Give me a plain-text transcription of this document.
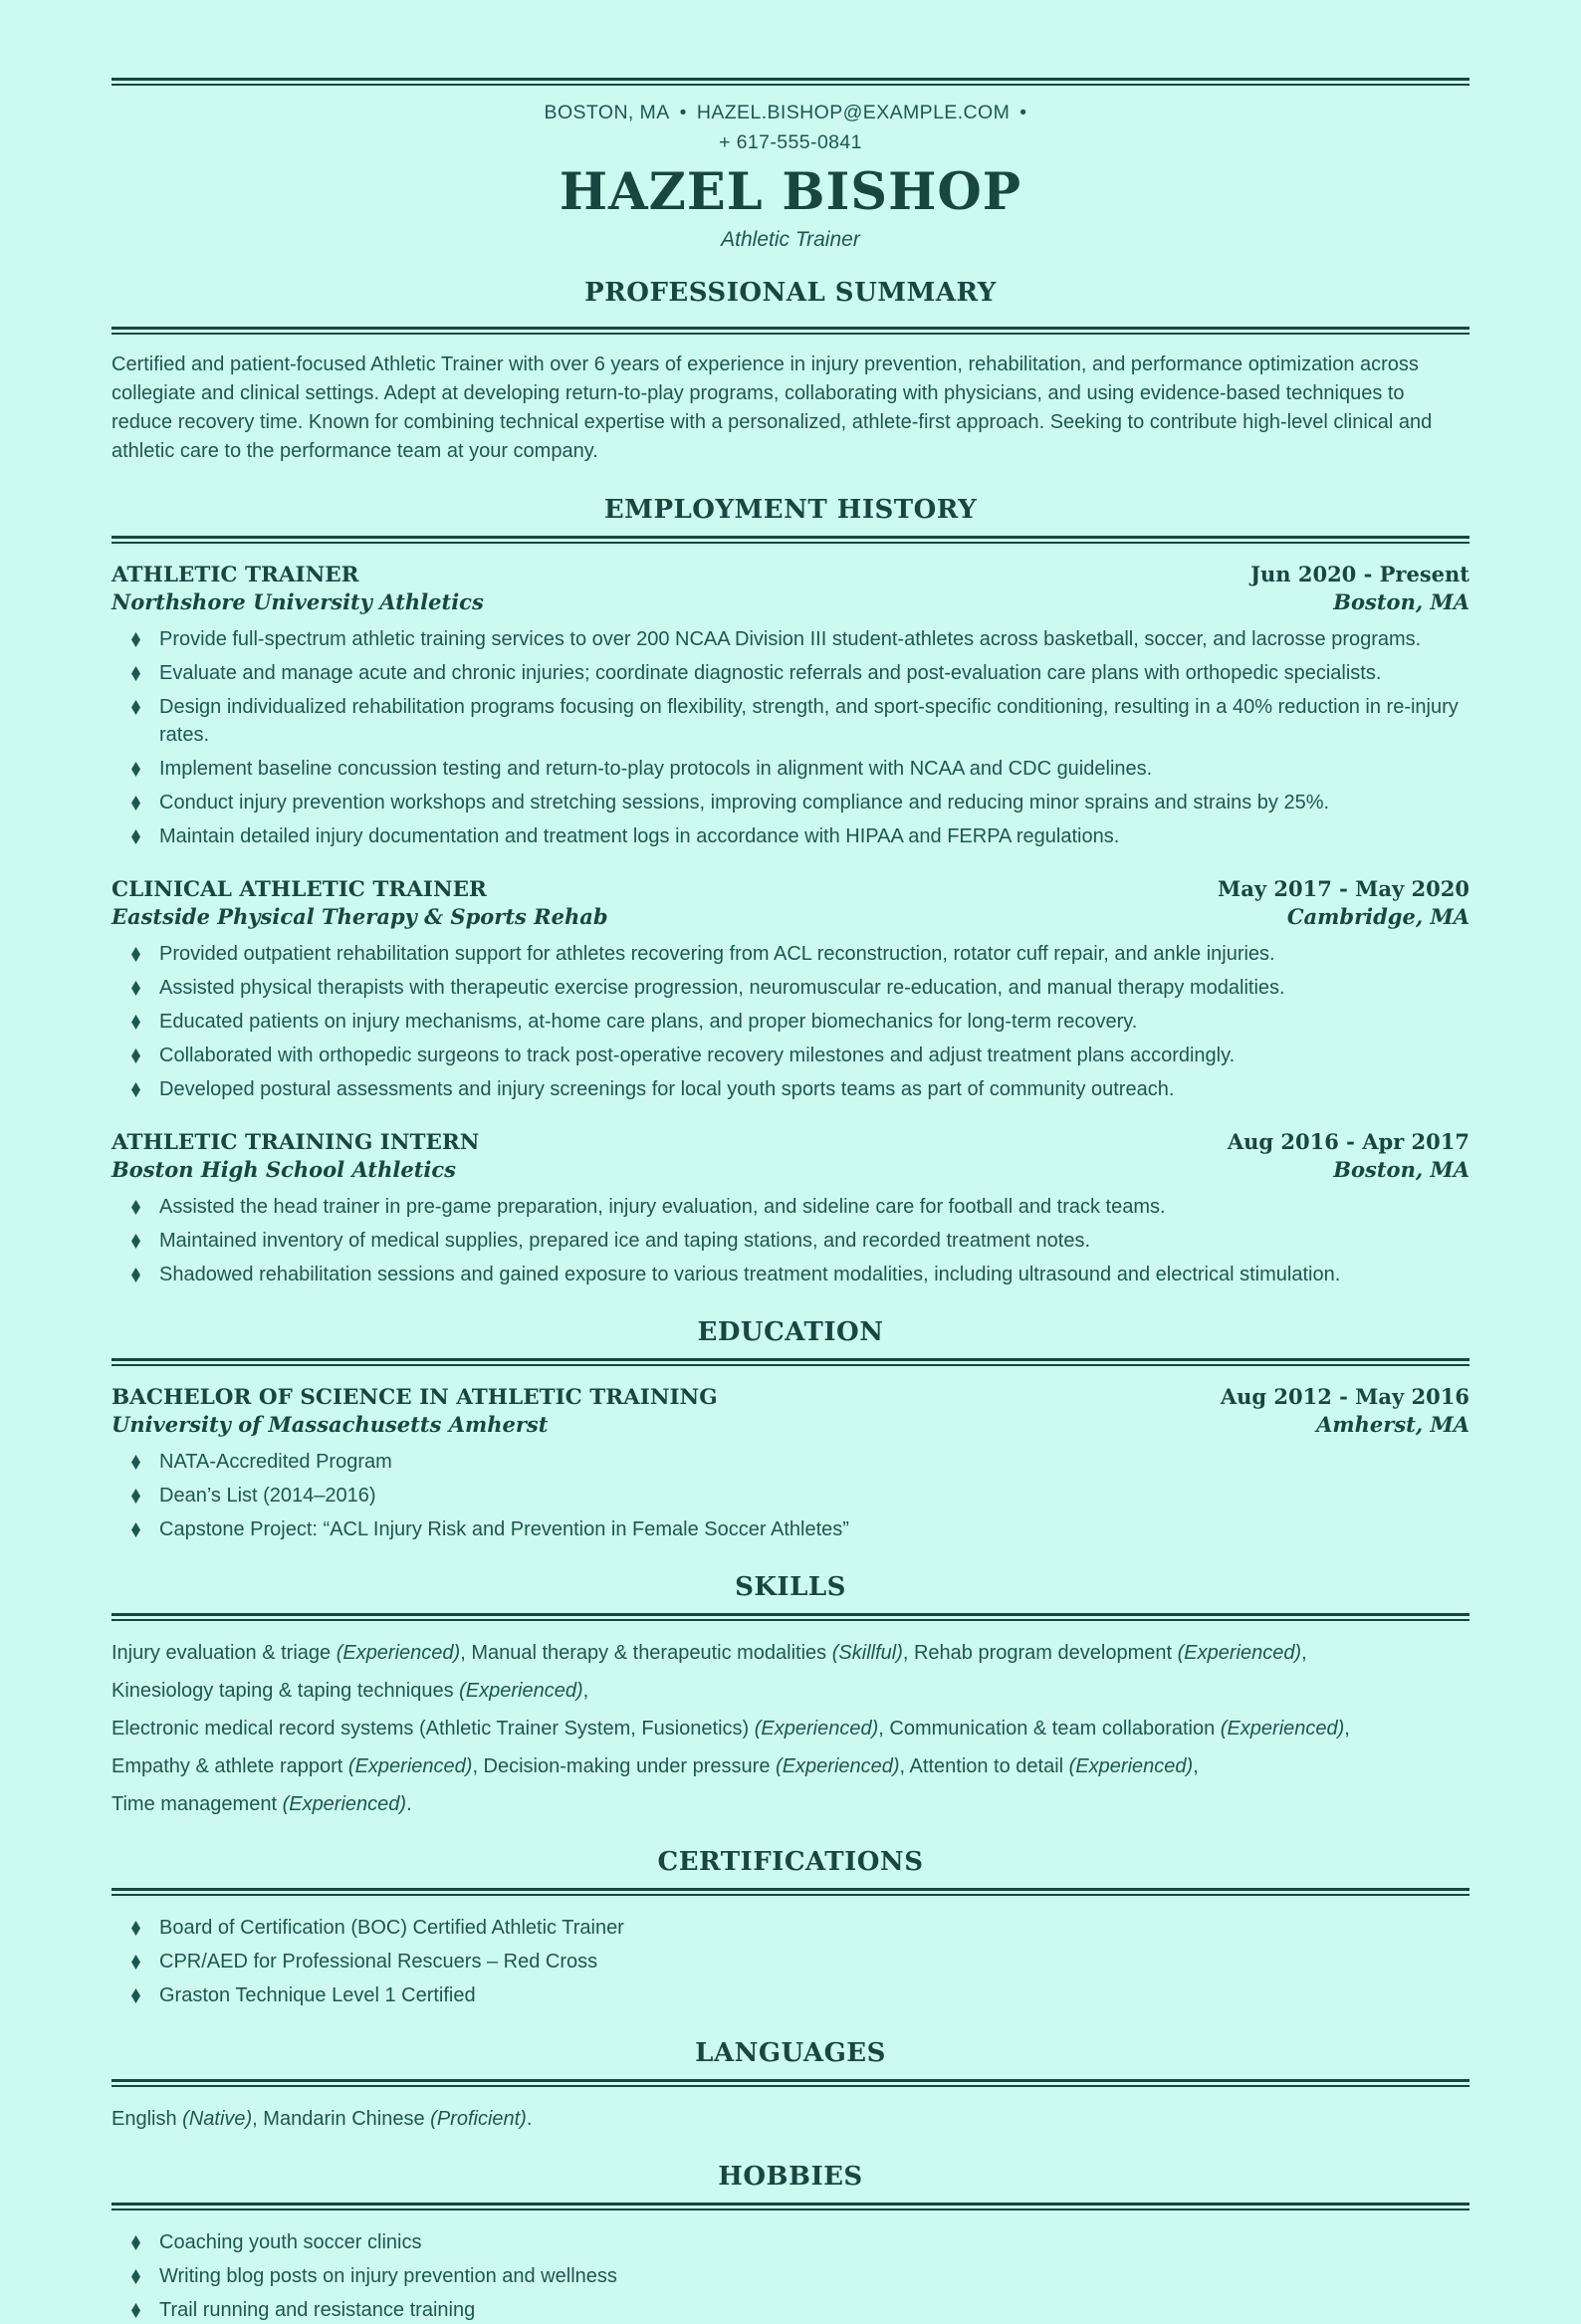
BOSTON, MA • HAZEL.BISHOP@EXAMPLE.COM •
+ 617-555-0841
HAZEL BISHOP
Athletic Trainer
PROFESSIONAL SUMMARY

Certified and patient-focused Athletic Trainer with over 6 years of experience in injury prevention, rehabilitation, and performance optimization across collegiate and clinical settings. Adept at developing return-to-play programs, collaborating with physicians, and using evidence-based techniques to reduce recovery time. Known for combining technical expertise with a personalized, athlete-first approach. Seeking to contribute high-level clinical and athletic care to the performance team at your company.

EMPLOYMENT HISTORY
ATHLETIC TRAINER	Jun 2020 - Present
Northshore University Athletics	Boston, MA
Provide full-spectrum athletic training services to over 200 NCAA Division III student-athletes across basketball, soccer, and lacrosse programs.
Evaluate and manage acute and chronic injuries; coordinate diagnostic referrals and post-evaluation care plans with orthopedic specialists.
Design individualized rehabilitation programs focusing on flexibility, strength, and sport-specific conditioning, resulting in a 40% reduction in re-injury rates.
Implement baseline concussion testing and return-to-play protocols in alignment with NCAA and CDC guidelines.
Conduct injury prevention workshops and stretching sessions, improving compliance and reducing minor sprains and strains by 25%.
Maintain detailed injury documentation and treatment logs in accordance with HIPAA and FERPA regulations.
CLINICAL ATHLETIC TRAINER	May 2017 - May 2020
Eastside Physical Therapy & Sports Rehab	Cambridge, MA
Provided outpatient rehabilitation support for athletes recovering from ACL reconstruction, rotator cuff repair, and ankle injuries.
Assisted physical therapists with therapeutic exercise progression, neuromuscular re-education, and manual therapy modalities.
Educated patients on injury mechanisms, at-home care plans, and proper biomechanics for long-term recovery.
Collaborated with orthopedic surgeons to track post-operative recovery milestones and adjust treatment plans accordingly.
Developed postural assessments and injury screenings for local youth sports teams as part of community outreach.
ATHLETIC TRAINING INTERN	Aug 2016 - Apr 2017
Boston High School Athletics	Boston, MA
Assisted the head trainer in pre-game preparation, injury evaluation, and sideline care for football and track teams.
Maintained inventory of medical supplies, prepared ice and taping stations, and recorded treatment notes.
Shadowed rehabilitation sessions and gained exposure to various treatment modalities, including ultrasound and electrical stimulation.
EDUCATION
BACHELOR OF SCIENCE IN ATHLETIC TRAINING	Aug 2012 - May 2016
University of Massachusetts Amherst	Amherst, MA
NATA-Accredited Program
Dean’s List (2014–2016)
Capstone Project: “ACL Injury Risk and Prevention in Female Soccer Athletes”
SKILLS
Injury evaluation & triage (Experienced), Manual therapy & therapeutic modalities (Skillful), Rehab program development (Experienced),
Kinesiology taping & taping techniques (Experienced),
Electronic medical record systems (Athletic Trainer System, Fusionetics) (Experienced), Communication & team collaboration (Experienced),
Empathy & athlete rapport (Experienced), Decision-making under pressure (Experienced), Attention to detail (Experienced),
Time management (Experienced).
CERTIFICATIONS
Board of Certification (BOC) Certified Athletic Trainer
CPR/AED for Professional Rescuers – Red Cross
Graston Technique Level 1 Certified
LANGUAGES
English (Native), Mandarin Chinese (Proficient).
HOBBIES
Coaching youth soccer clinics
Writing blog posts on injury prevention and wellness
Trail running and resistance training
